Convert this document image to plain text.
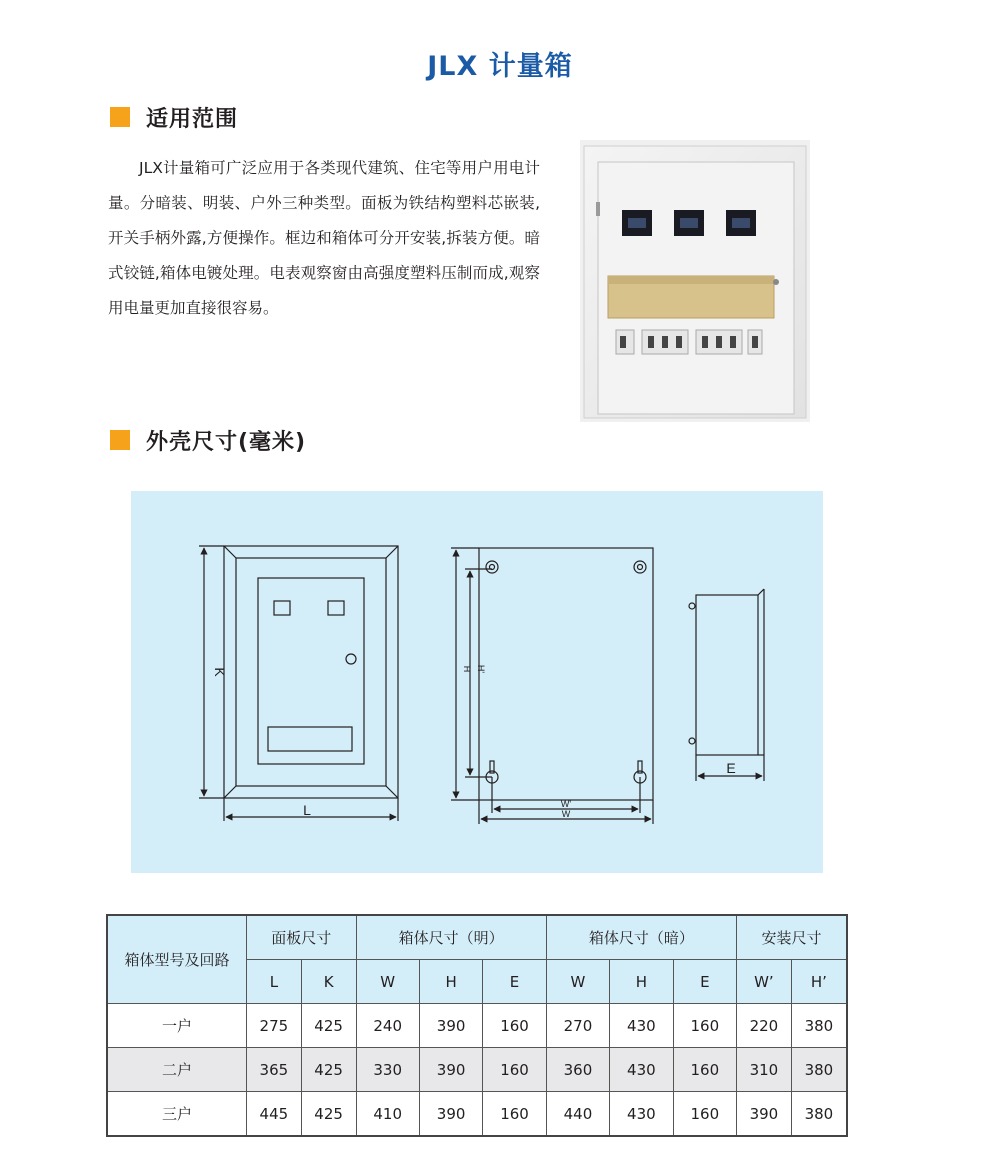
JLX 计量箱
适用范围

JLX计量箱可广泛应用于各类现代建筑、住宅等用户用电计量。分暗装、明装、户外三种类型。面板为铁结构塑料芯嵌装,开关手柄外露,方便操作。框边和箱体可分开安装,拆装方便。暗式铰链,箱体电镀处理。电表观察窗由高强度塑料压制而成,观察用电量更加直接很容易。

外壳尺寸(毫米)
K
L
H H'
W'
W
E
箱体型号及回路	面板尺寸		箱体尺寸（明）			箱体尺寸（暗）			安装尺寸	
	L	K	W	H	E	W	H	E	W’	H’
一户	275	425	240	390	160	270	430	160	220	380
二户	365	425	330	390	160	360	430	160	310	380
三户	445	425	410	390	160	440	430	160	390	380
